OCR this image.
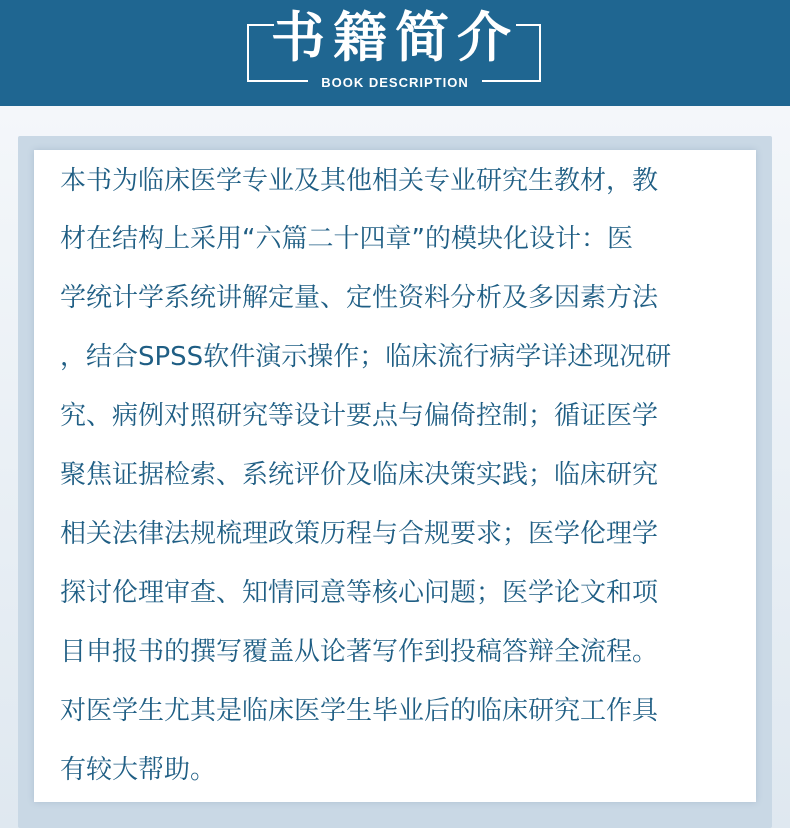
书籍简介
BOOK DESCRIPTION

本书为临床医学专业及其他相关专业研究生教材，教

材在结构上采用“六篇二十四章”的模块化设计：医

学统计学系统讲解定量、定性资料分析及多因素方法

，结合SPSS软件演示操作；临床流行病学详述现况研

究、病例对照研究等设计要点与偏倚控制；循证医学

聚焦证据检索、系统评价及临床决策实践；临床研究

相关法律法规梳理政策历程与合规要求；医学伦理学

探讨伦理审查、知情同意等核心问题；医学论文和项

目申报书的撰写覆盖从论著写作到投稿答辩全流程。

对医学生尤其是临床医学生毕业后的临床研究工作具

有较大帮助。
